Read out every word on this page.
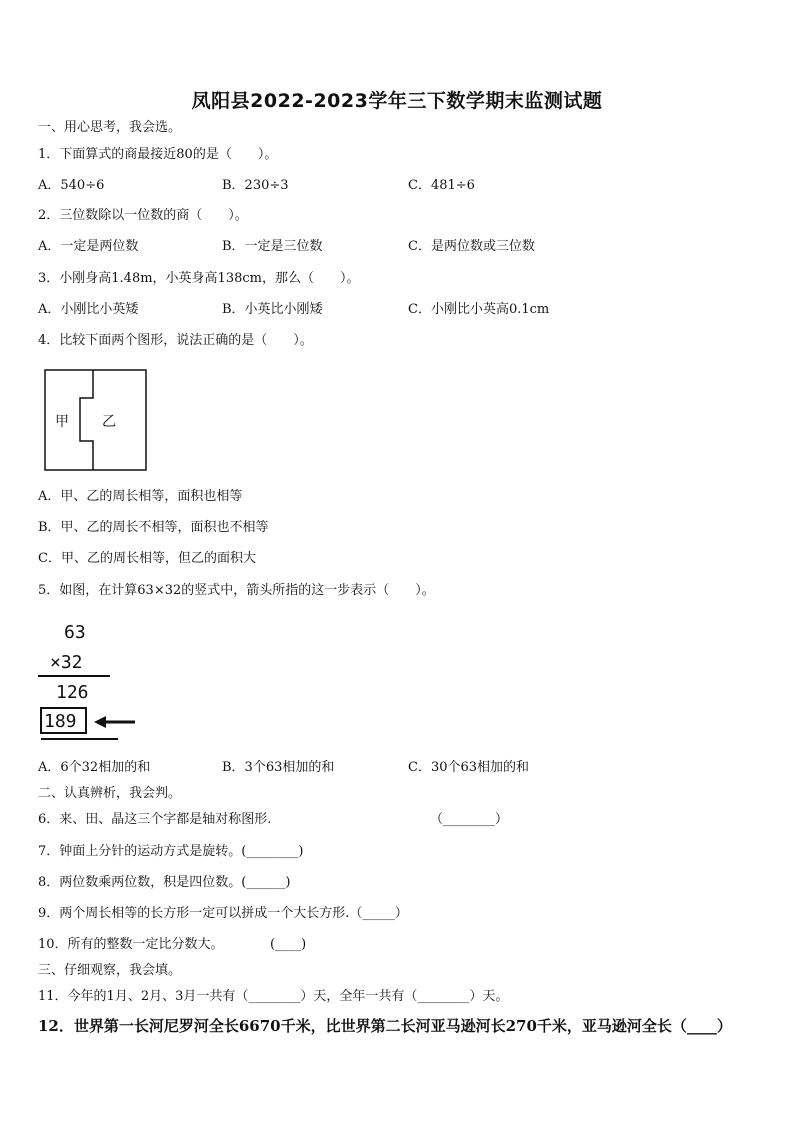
凤阳县2022-2023学年三下数学期末监测试题
一、用心思考，我会选。
1．下面算式的商最接近80的是（　　）。
A．540÷6	B．230÷3	C．481÷6
2．三位数除以一位数的商（　　）。
A．一定是两位数	B．一定是三位数	C．是两位数或三位数
3．小刚身高1.48m，小英身高138cm，那么（　　）。
A．小刚比小英矮	B．小英比小刚矮	C．小刚比小英高0.1cm
4．比较下面两个图形，说法正确的是（　　）。
甲 乙
A．甲、乙的周长相等，面积也相等
B．甲、乙的周长不相等，面积也不相等
C．甲、乙的周长相等，但乙的面积大
5．如图，在计算63×32的竖式中，箭头所指的这一步表示（　　）。
63
×32
126
189
A．6个32相加的和	B．3个63相加的和	C．30个63相加的和
二、认真辨析，我会判。
6．来、田、晶这三个字都是轴对称图形.	（________）
7．钟面上分针的运动方式是旋转。(________)
8．两位数乘两位数，积是四位数。(______)
9．两个周长相等的长方形一定可以拼成一个大长方形.（_____）
10．所有的整数一定比分数大。	(____)
三、仔细观察，我会填。
11．今年的1月、2月、3月一共有（________）天，全年一共有（________）天。
12．世界第一长河尼罗河全长6670千米，比世界第二长河亚马逊河长270千米，亚马逊河全长（____）
